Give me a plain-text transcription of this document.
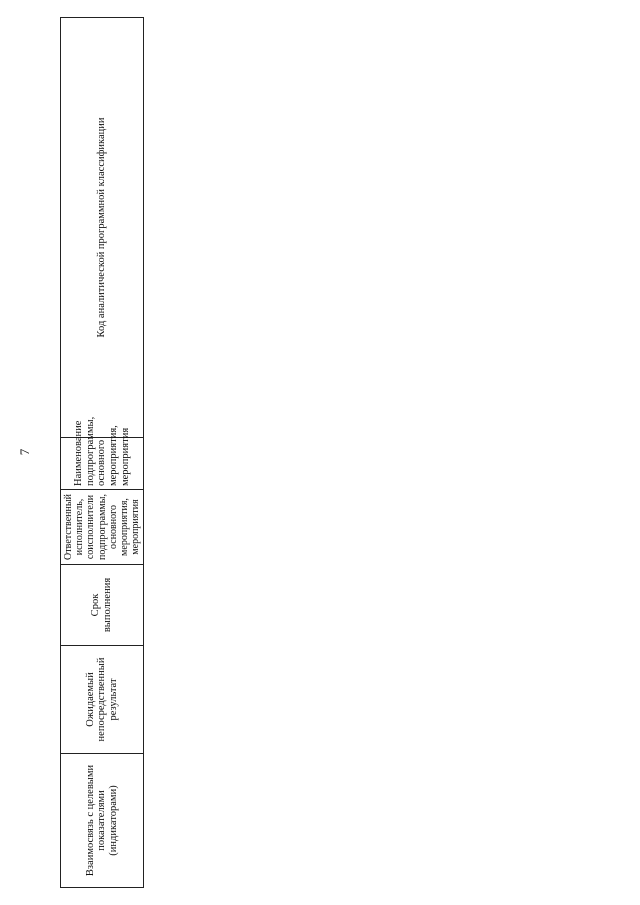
7
Взаимосвязь с целевыми показателями (индикаторами)	Ожидаемый непосредственный результат	Срок выполнения	Ответственный исполнитель, соисполнители подпрограммы, основного мероприятия, мероприятия	Наименование подпрограммы, основного мероприятия, мероприятия	Код аналитической программной классификации
